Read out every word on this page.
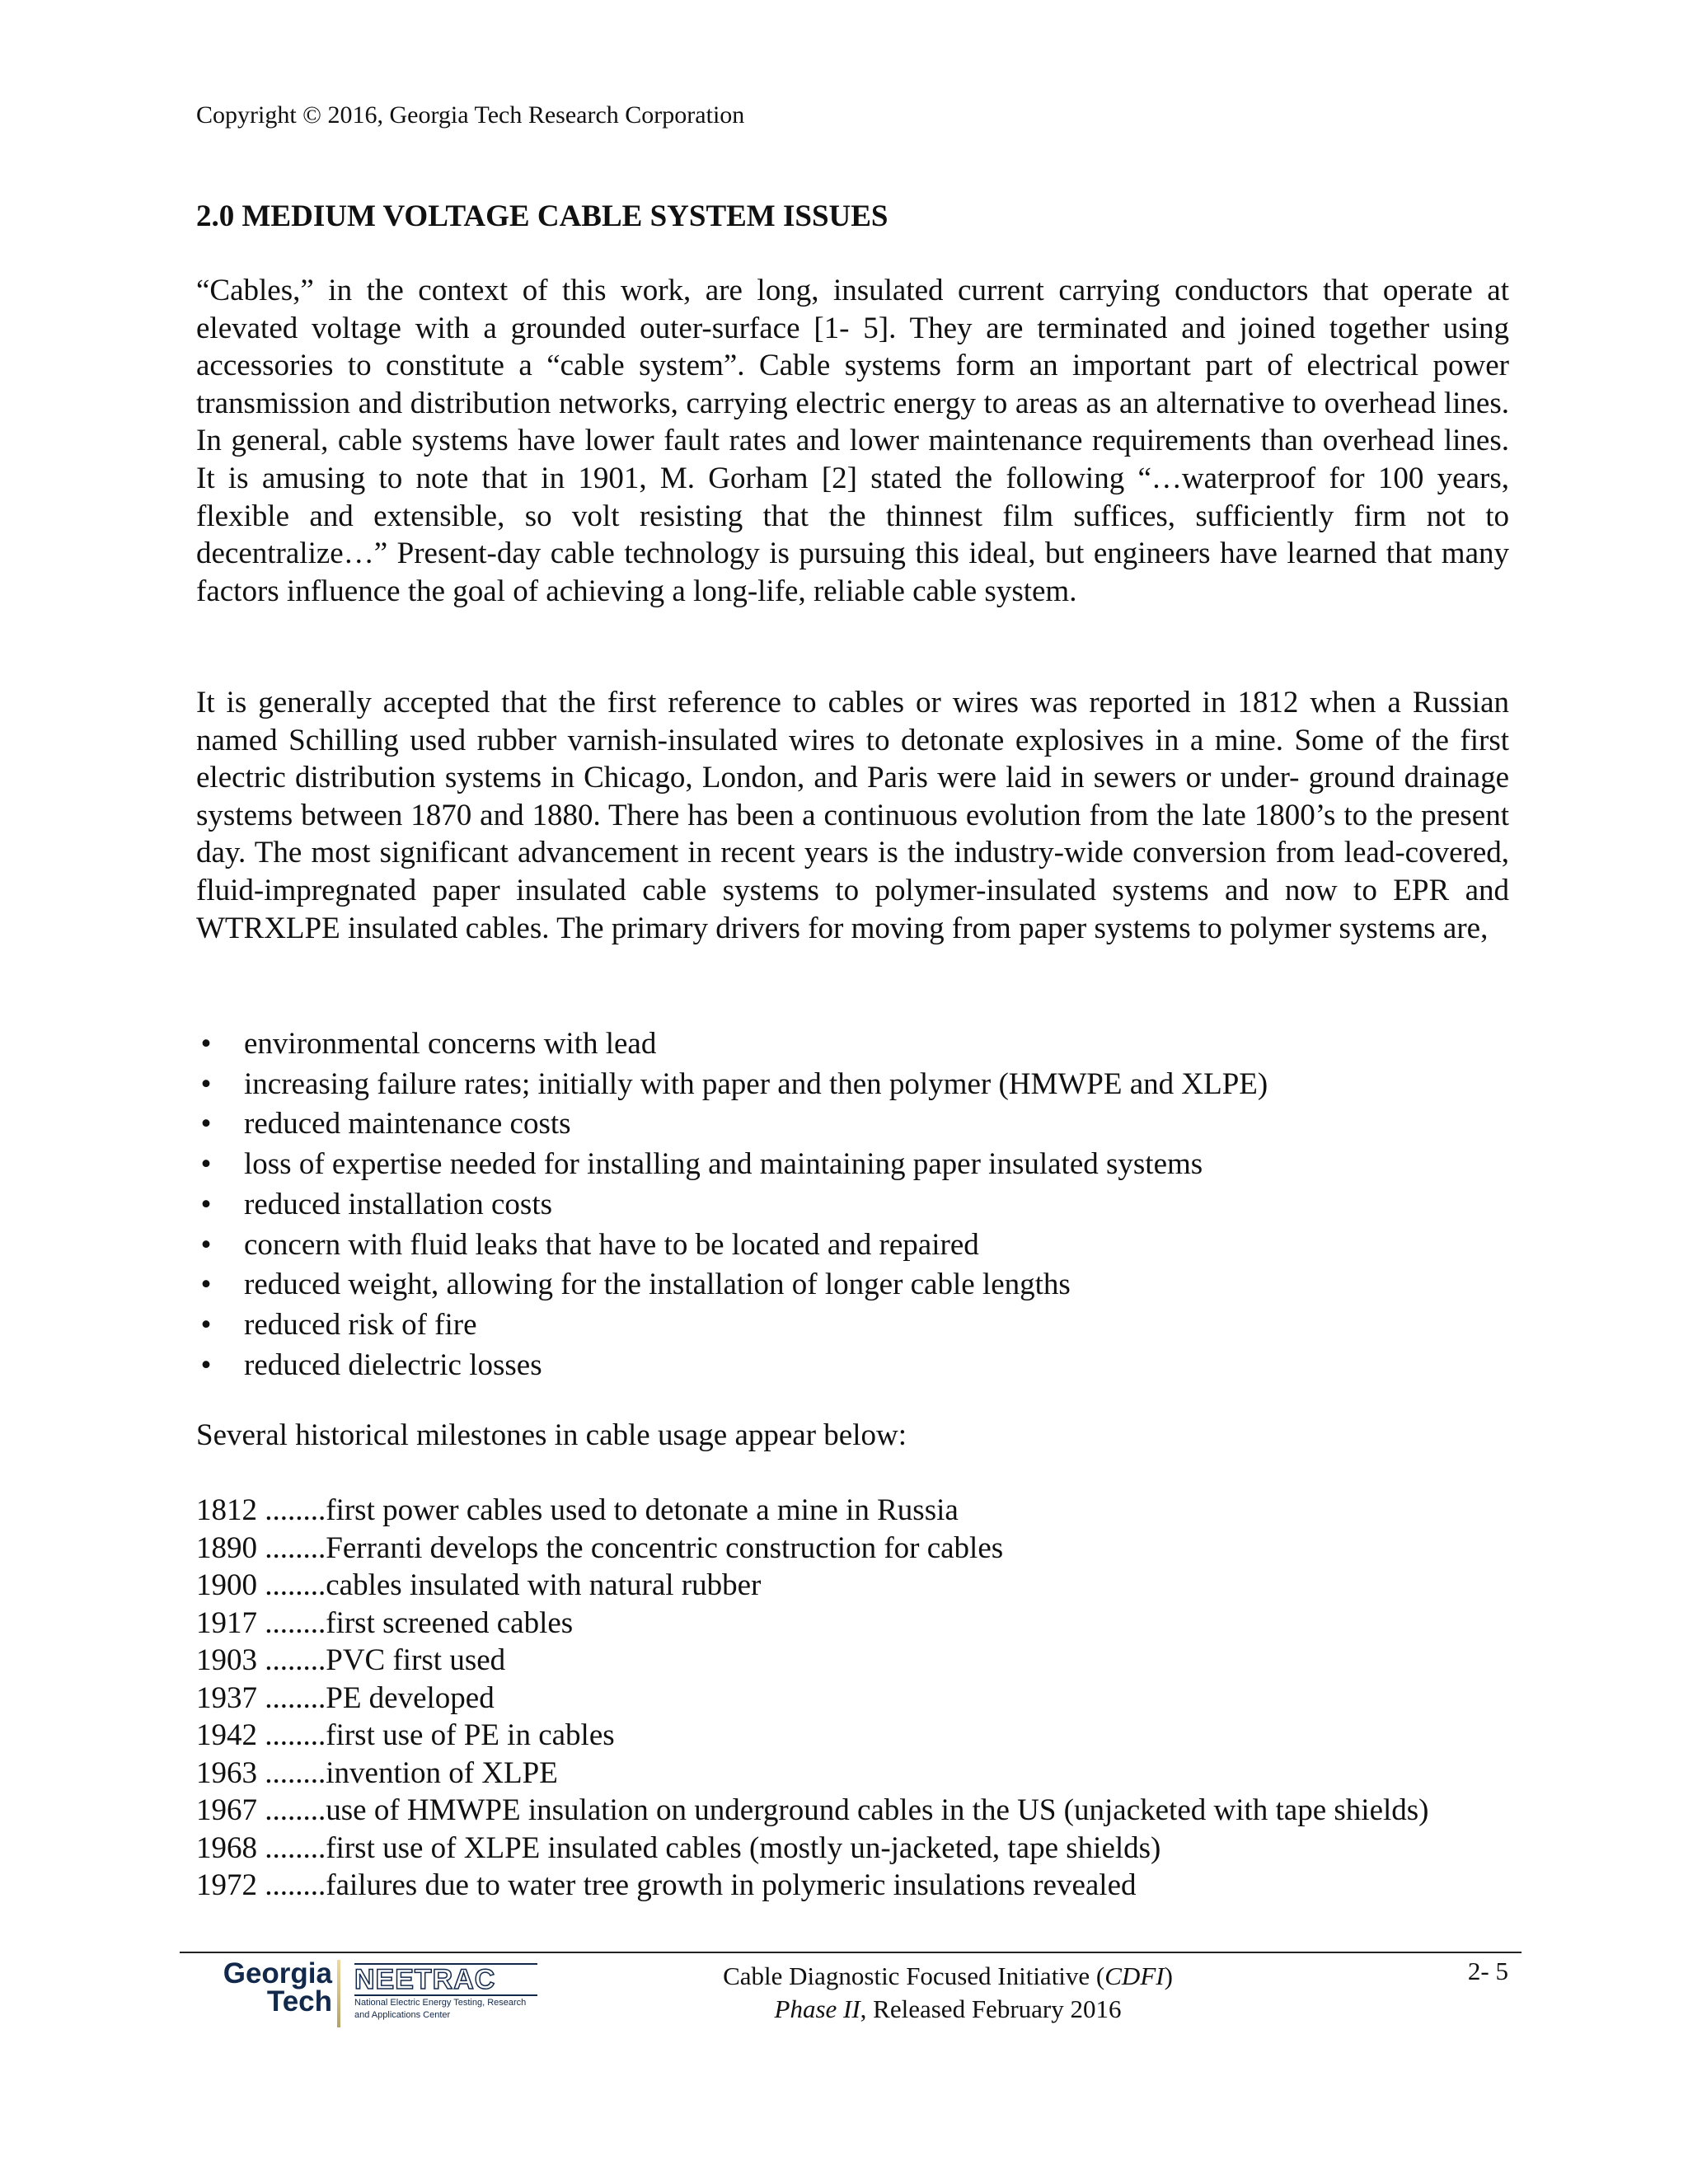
Copyright © 2016, Georgia Tech Research Corporation
2.0 MEDIUM VOLTAGE CABLE SYSTEM ISSUES

“Cables,” in the context of this work, are long, insulated current carrying conductors that operate at elevated voltage with a grounded outer-surface [1- 5]. They are terminated and joined together using accessories to constitute a “cable system”. Cable systems form an important part of electrical power transmission and distribution networks, carrying electric energy to areas as an alternative to overhead lines. In general, cable systems have lower fault rates and lower maintenance requirements than overhead lines. It is amusing to note that in 1901, M. Gorham [2] stated the following “…waterproof for 100 years, flexible and extensible, so volt resisting that the thinnest film suffices, sufficiently firm not to decentralize…” Present-day cable technology is pursuing this ideal, but engineers have learned that many factors influence the goal of achieving a long-life, reliable cable system.

It is generally accepted that the first reference to cables or wires was reported in 1812 when a Russian named Schilling used rubber varnish-insulated wires to detonate explosives in a mine. Some of the first electric distribution systems in Chicago, London, and Paris were laid in sewers or under- ground drainage systems between 1870 and 1880. There has been a continuous evolution from the late 1800’s to the present day. The most significant advancement in recent years is the industry-wide conversion from lead-covered, fluid-impregnated paper insulated cable systems to polymer-insulated systems and now to EPR and WTRXLPE insulated cables. The primary drivers for moving from paper systems to polymer systems are,

• environmental concerns with lead
• increasing failure rates; initially with paper and then polymer (HMWPE and XLPE)
• reduced maintenance costs
• loss of expertise needed for installing and maintaining paper insulated systems
• reduced installation costs
• concern with fluid leaks that have to be located and repaired
• reduced weight, allowing for the installation of longer cable lengths
• reduced risk of fire
• reduced dielectric losses
Several historical milestones in cable usage appear below:
1812 ........first power cables used to detonate a mine in Russia
1890 ........Ferranti develops the concentric construction for cables
1900 ........cables insulated with natural rubber
1917 ........first screened cables
1903 ........PVC first used
1937 ........PE developed
1942 ........first use of PE in cables
1963 ........invention of XLPE
1967 ........use of HMWPE insulation on underground cables in the US (unjacketed with tape shields)
1968 ........first use of XLPE insulated cables (mostly un-jacketed, tape shields)
1972 ........failures due to water tree growth in polymeric insulations revealed
Georgia
Tech
NEETRAC
National Electric Energy Testing, Research
and Applications Center
Cable Diagnostic Focused Initiative (CDFI)
Phase II, Released February 2016
2- 5
